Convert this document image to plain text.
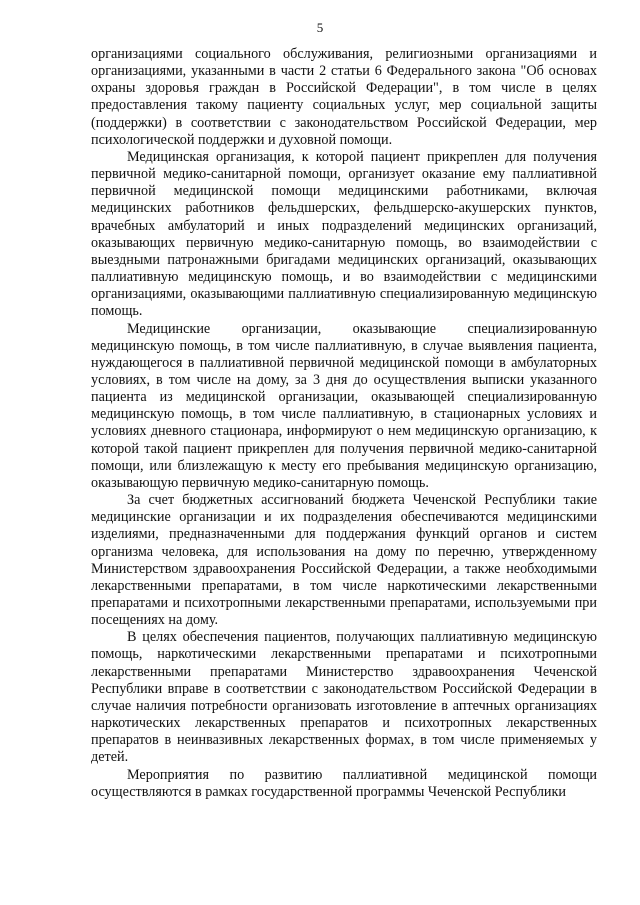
5

организациями социального обслуживания, религиозными организациями и организациями, указанными в части 2 статьи 6 Федерального закона "Об основах охраны здоровья граждан в Российской Федерации", в том числе в целях предоставления такому пациенту социальных услуг, мер социальной защиты (поддержки) в соответствии с законодательством Российской Федерации, мер психологической поддержки и духовной помощи.

Медицинская организация, к которой пациент прикреплен для получения первичной медико-санитарной помощи, организует оказание ему паллиативной первичной медицинской помощи медицинскими работниками, включая медицинских работников фельдшерских, фельдшерско-акушерских пунктов, врачебных амбулаторий и иных подразделений медицинских организаций, оказывающих первичную медико-санитарную помощь, во взаимодействии с выездными патронажными бригадами медицинских организаций, оказывающих паллиативную медицинскую помощь, и во взаимодействии с медицинскими организациями, оказывающими паллиативную специализированную медицинскую помощь.

Медицинские организации, оказывающие специализированную медицинскую помощь, в том числе паллиативную, в случае выявления пациента, нуждающегося в паллиативной первичной медицинской помощи в амбулаторных условиях, в том числе на дому, за 3 дня до осуществления выписки указанного пациента из медицинской организации, оказывающей специализированную медицинскую помощь, в том числе паллиативную, в стационарных условиях и условиях дневного стационара, информируют о нем медицинскую организацию, к которой такой пациент прикреплен для получения первичной медико-санитарной помощи, или близлежащую к месту его пребывания медицинскую организацию, оказывающую первичную медико-санитарную помощь.

За счет бюджетных ассигнований бюджета Чеченской Республики такие медицинские организации и их подразделения обеспечиваются медицинскими изделиями, предназначенными для поддержания функций органов и систем организма человека, для использования на дому по перечню, утвержденному Министерством здравоохранения Российской Федерации, а также необходимыми лекарственными препаратами, в том числе наркотическими лекарственными препаратами и психотропными лекарственными препаратами, используемыми при посещениях на дому.

В целях обеспечения пациентов, получающих паллиативную медицинскую помощь, наркотическими лекарственными препаратами и психотропными лекарственными препаратами Министерство здравоохранения Чеченской Республики вправе в соответствии с законодательством Российской Федерации в случае наличия потребности организовать изготовление в аптечных организациях наркотических лекарственных препаратов и психотропных лекарственных препаратов в неинвазивных лекарственных формах, в том числе применяемых у детей.

Мероприятия по развитию паллиативной медицинской помощи осуществляются в рамках государственной программы Чеченской Республики
